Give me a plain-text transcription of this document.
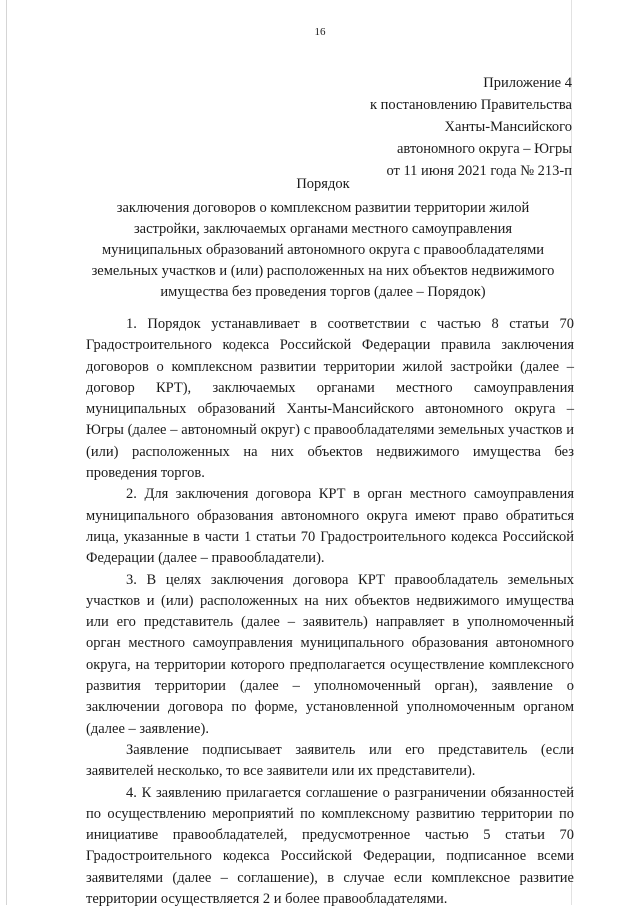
16
Приложение 4
к постановлению Правительства
Ханты-Мансийского
автономного округа – Югры
от 11 июня 2021 года № 213-п
Порядок
заключения договоров о комплексном развитии территории жилой застройки, заключаемых органами местного самоуправления муниципальных образований автономного округа с правообладателями земельных участков и (или) расположенных на них объектов недвижимого имущества без проведения торгов (далее – Порядок)

1. Порядок устанавливает в соответствии с частью 8 статьи 70 Градостроительного кодекса Российской Федерации правила заключения договоров о комплексном развитии территории жилой застройки (далее – договор КРТ), заключаемых органами местного самоуправления муниципальных образований Ханты-Мансийского автономного округа – Югры (далее – автономный округ) с правообладателями земельных участков и (или) расположенных на них объектов недвижимого имущества без проведения торгов.

2. Для заключения договора КРТ в орган местного самоуправления муниципального образования автономного округа имеют право обратиться лица, указанные в части 1 статьи 70 Градостроительного кодекса Российской Федерации (далее – правообладатели).

3. В целях заключения договора КРТ правообладатель земельных участков и (или) расположенных на них объектов недвижимого имущества или его представитель (далее – заявитель) направляет в уполномоченный орган местного самоуправления муниципального образования автономного округа, на территории которого предполагается осуществление комплексного развития территории (далее – уполномоченный орган), заявление о заключении договора по форме, установленной уполномоченным органом (далее – заявление).

Заявление подписывает заявитель или его представитель (если заявителей несколько, то все заявители или их представители).

4. К заявлению прилагается соглашение о разграничении обязанностей по осуществлению мероприятий по комплексному развитию территории по инициативе правообладателей, предусмотренное частью 5 статьи 70 Градостроительного кодекса Российской Федерации, подписанное всеми заявителями (далее – соглашение), в случае если комплексное развитие территории осуществляется 2 и более правообладателями.
